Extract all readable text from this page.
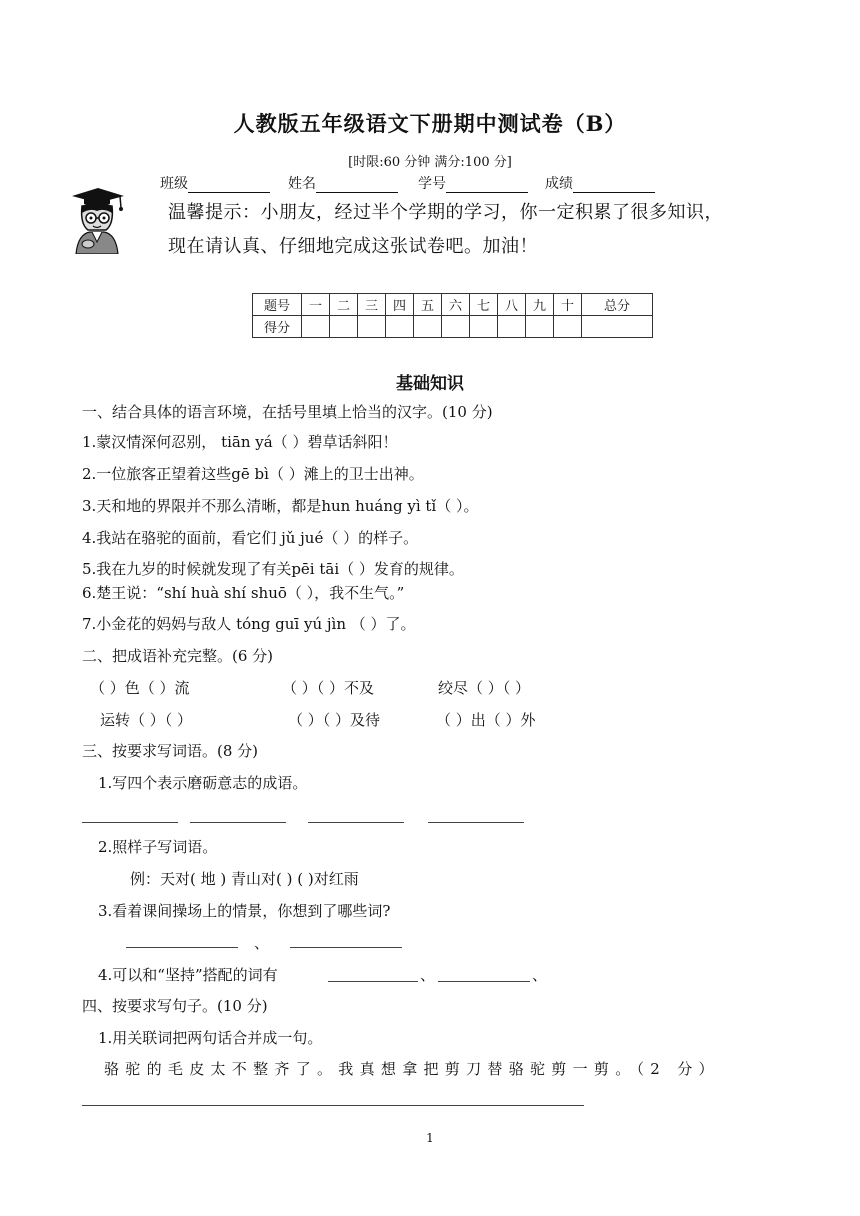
人教版五年级语文下册期中测试卷（B）
[时限:60 分钟 满分:100 分]
班级	姓名	学号	成绩
温馨提示：小朋友，经过半个学期的学习，你一定积累了很多知识，
现在请认真、仔细地完成这张试卷吧。加油！
题号	一	二	三	四	五	六	七	八	九	十	总分
得分											
基础知识
一、结合具体的语言环境，在括号里填上恰当的汉字。(10 分)
1.蒙汉情深何忍别， tiān yá（ ）碧草话斜阳！
2.一位旅客正望着这些gē bì（ ）滩上的卫士出神。
3.天和地的界限并不那么清晰，都是hun huáng yì tǐ（ ）。
4.我站在骆驼的面前，看它们 jǔ jué（ ）的样子。
5.我在九岁的时候就发现了有关pēi tāi（ ）发育的规律。
6.楚王说：“shí huà shí shuō（ ），我不生气。”
7.小金花的妈妈与敌人 tóng guī yú jìn （ ）了。
二、把成语补充完整。(6 分)
（ ）色（ ）流	（ ）（ ）不及	绞尽（ ）（ ）
运转（ ）（ ）	（ ）（ ）及待	（ ）出（ ）外
三、按要求写词语。(8 分)
1.写四个表示磨砺意志的成语。
2.照样子写词语。
例：天对( 地 ) 青山对( ) ( )对红雨
3.看着课间操场上的情景，你想到了哪些词?
、
4.可以和“坚持”搭配的词有	、	、
四、按要求写句子。(10 分)
1.用关联词把两句话合并成一句。
骆驼的毛皮太不整齐了。我真想拿把剪刀替骆驼剪一剪。（2 分）
1
